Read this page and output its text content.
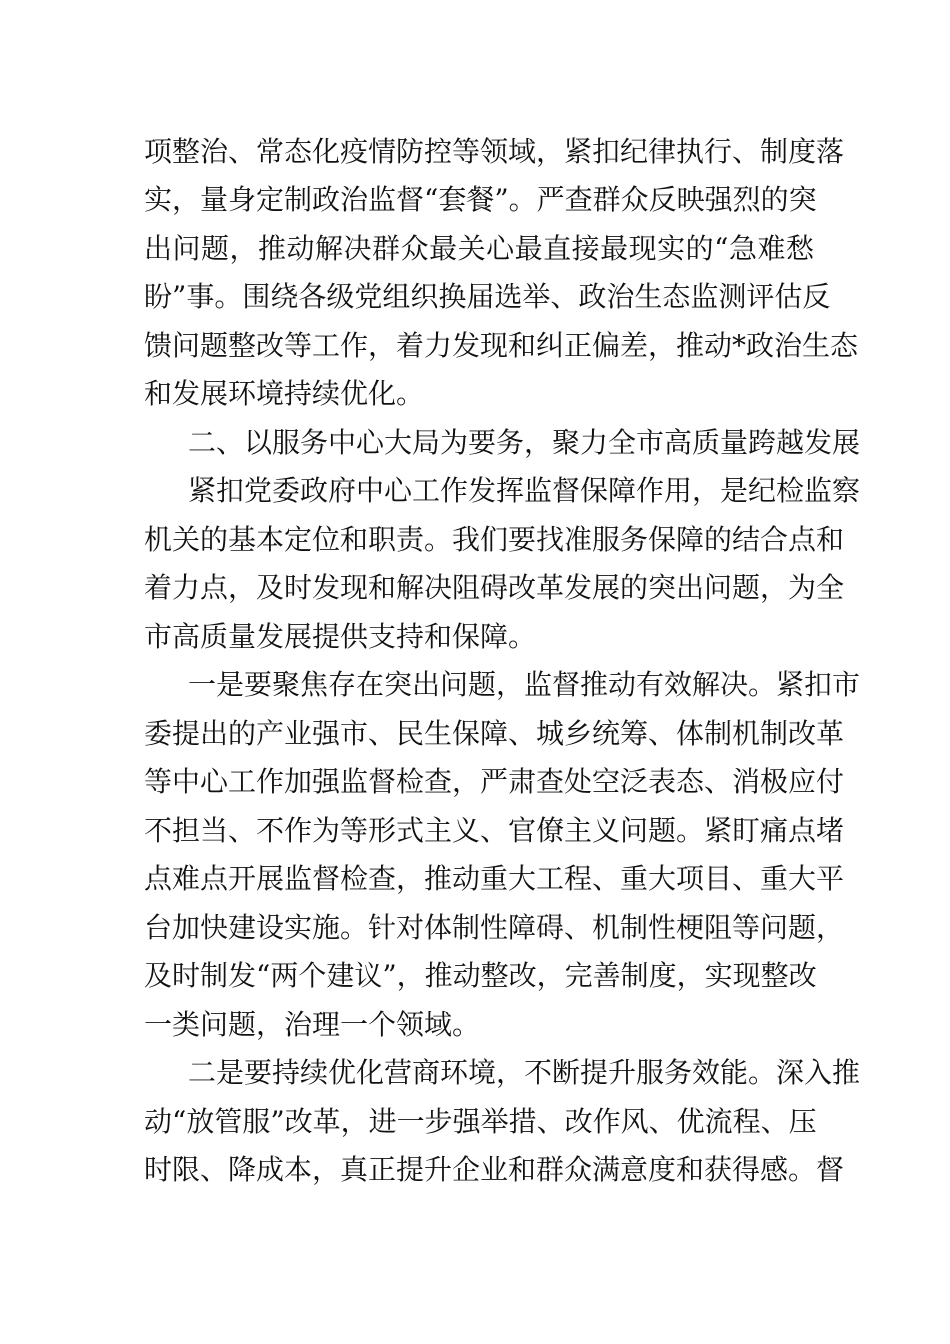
项整治、常态化疫情防控等领域，紧扣纪律执行、制度落
实，量身定制政治监督“套餐”。严查群众反映强烈的突
出问题，推动解决群众最关心最直接最现实的“急难愁
盼”事。围绕各级党组织换届选举、政治生态监测评估反
馈问题整改等工作，着力发现和纠正偏差，推动*政治生态
和发展环境持续优化。
二、以服务中心大局为要务，聚力全市高质量跨越发展
紧扣党委政府中心工作发挥监督保障作用，是纪检监察
机关的基本定位和职责。我们要找准服务保障的结合点和
着力点，及时发现和解决阻碍改革发展的突出问题，为全
市高质量发展提供支持和保障。
一是要聚焦存在突出问题，监督推动有效解决。紧扣市
委提出的产业强市、民生保障、城乡统筹、体制机制改革
等中心工作加强监督检查，严肃查处空泛表态、消极应付
不担当、不作为等形式主义、官僚主义问题。紧盯痛点堵
点难点开展监督检查，推动重大工程、重大项目、重大平
台加快建设实施。针对体制性障碍、机制性梗阻等问题，
及时制发“两个建议”，推动整改，完善制度，实现整改
一类问题，治理一个领域。
二是要持续优化营商环境，不断提升服务效能。深入推
动“放管服”改革，进一步强举措、改作风、优流程、压
时限、降成本，真正提升企业和群众满意度和获得感。督
